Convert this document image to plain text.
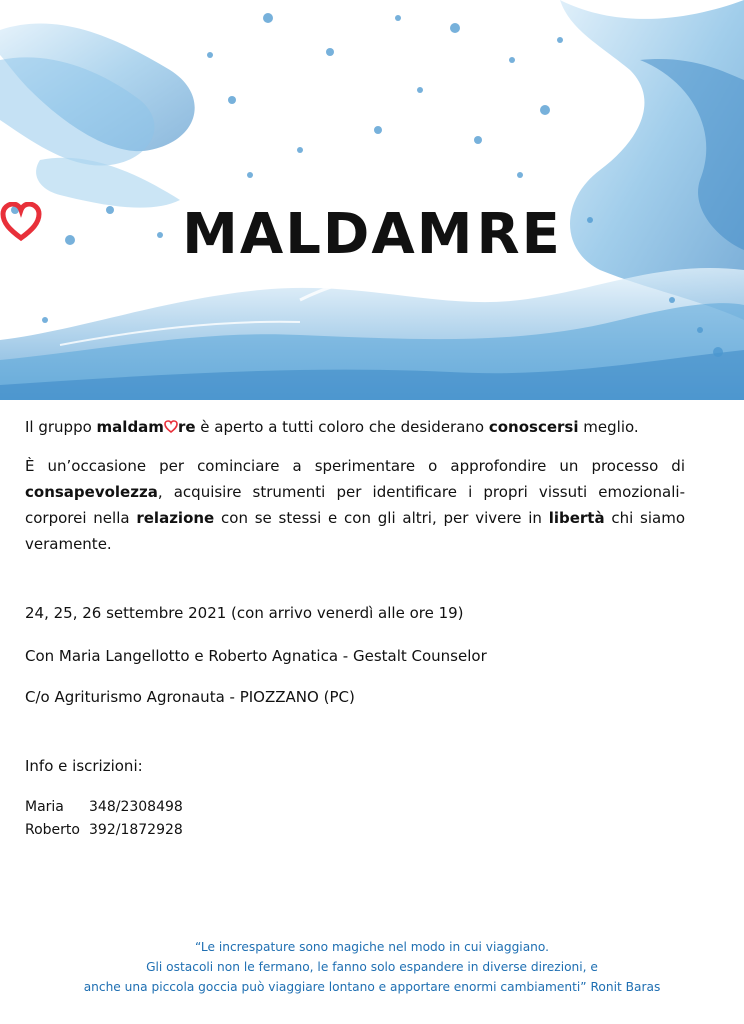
MALDAM
RE

Il gruppo maldam re è aperto a tutti coloro che desiderano conoscersi meglio.

È un’occasione per cominciare a sperimentare o approfondire un processo di consapevolezza, acquisire strumenti per identificare i propri vissuti emozionali-corporei nella relazione con se stessi e con gli altri, per vivere in libertà chi siamo veramente.

24, 25, 26 settembre 2021 (con arrivo venerdì alle ore 19)
Con Maria Langellotto e Roberto Agnatica - Gestalt Counselor
C/o Agriturismo Agronauta - PIOZZANO (PC)
Info e iscrizioni:
Maria 348/2308498
Roberto 392/1872928
“Le increspature sono magiche nel modo in cui viaggiano.
Gli ostacoli non le fermano, le fanno solo espandere in diverse direzioni, e
anche una piccola goccia può viaggiare lontano e apportare enormi cambiamenti” Ronit Baras
